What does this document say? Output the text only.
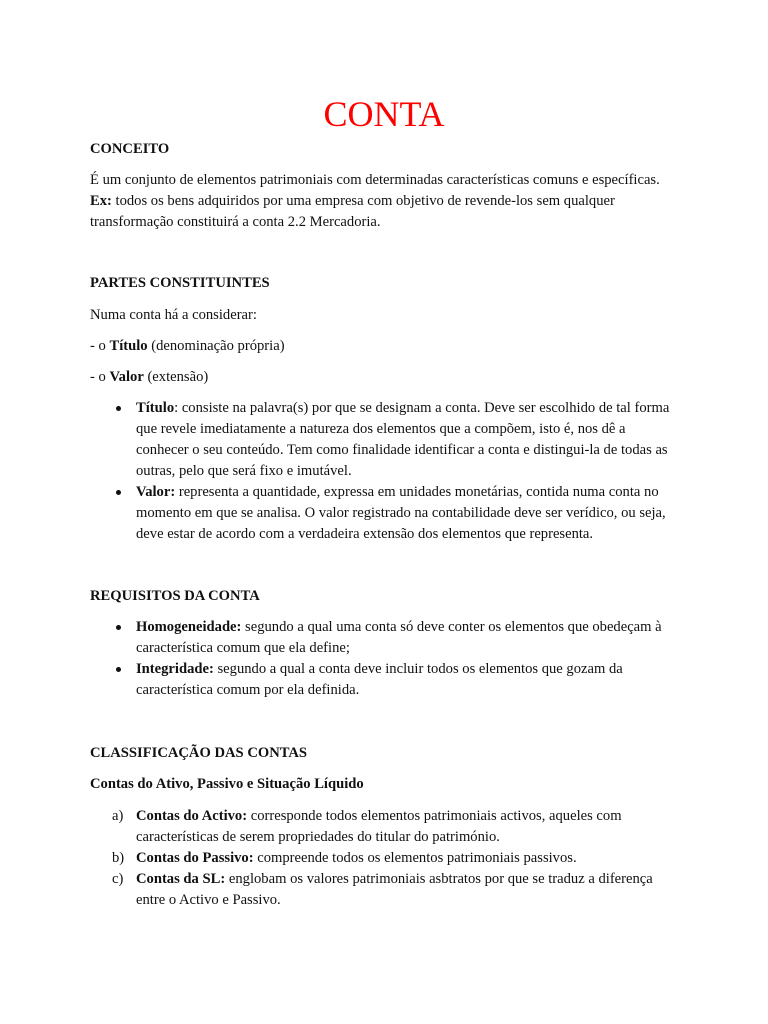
CONTA

CONCEITO

É um conjunto de elementos patrimoniais com determinadas características comuns e específicas. Ex: todos os bens adquiridos por uma empresa com objetivo de revende-los sem qualquer transformação constituirá a conta 2.2 Mercadoria.

PARTES CONSTITUINTES

Numa conta há a considerar:

- o Título (denominação própria)

- o Valor (extensão)

Título: consiste na palavra(s) por que se designam a conta. Deve ser escolhido de tal forma que revele imediatamente a natureza dos elementos que a compõem, isto é, nos dê a conhecer o seu conteúdo. Tem como finalidade identificar a conta e distingui-la de todas as outras, pelo que será fixo e imutável.
Valor: representa a quantidade, expressa em unidades monetárias, contida numa conta no momento em que se analisa. O valor registrado na contabilidade deve ser verídico, ou seja, deve estar de acordo com a verdadeira extensão dos elementos que representa.

REQUISITOS DA CONTA

Homogeneidade: segundo a qual uma conta só deve conter os elementos que obedeçam à característica comum que ela define;
Integridade: segundo a qual a conta deve incluir todos os elementos que gozam da característica comum por ela definida.

CLASSIFICAÇÃO DAS CONTAS

Contas do Ativo, Passivo e Situação Líquido

a) Contas do Activo: corresponde todos elementos patrimoniais activos, aqueles com características de serem propriedades do titular do património.
b) Contas do Passivo: compreende todos os elementos patrimoniais passivos.
c) Contas da SL: englobam os valores patrimoniais asbtratos por que se traduz a diferença entre o Activo e Passivo.
